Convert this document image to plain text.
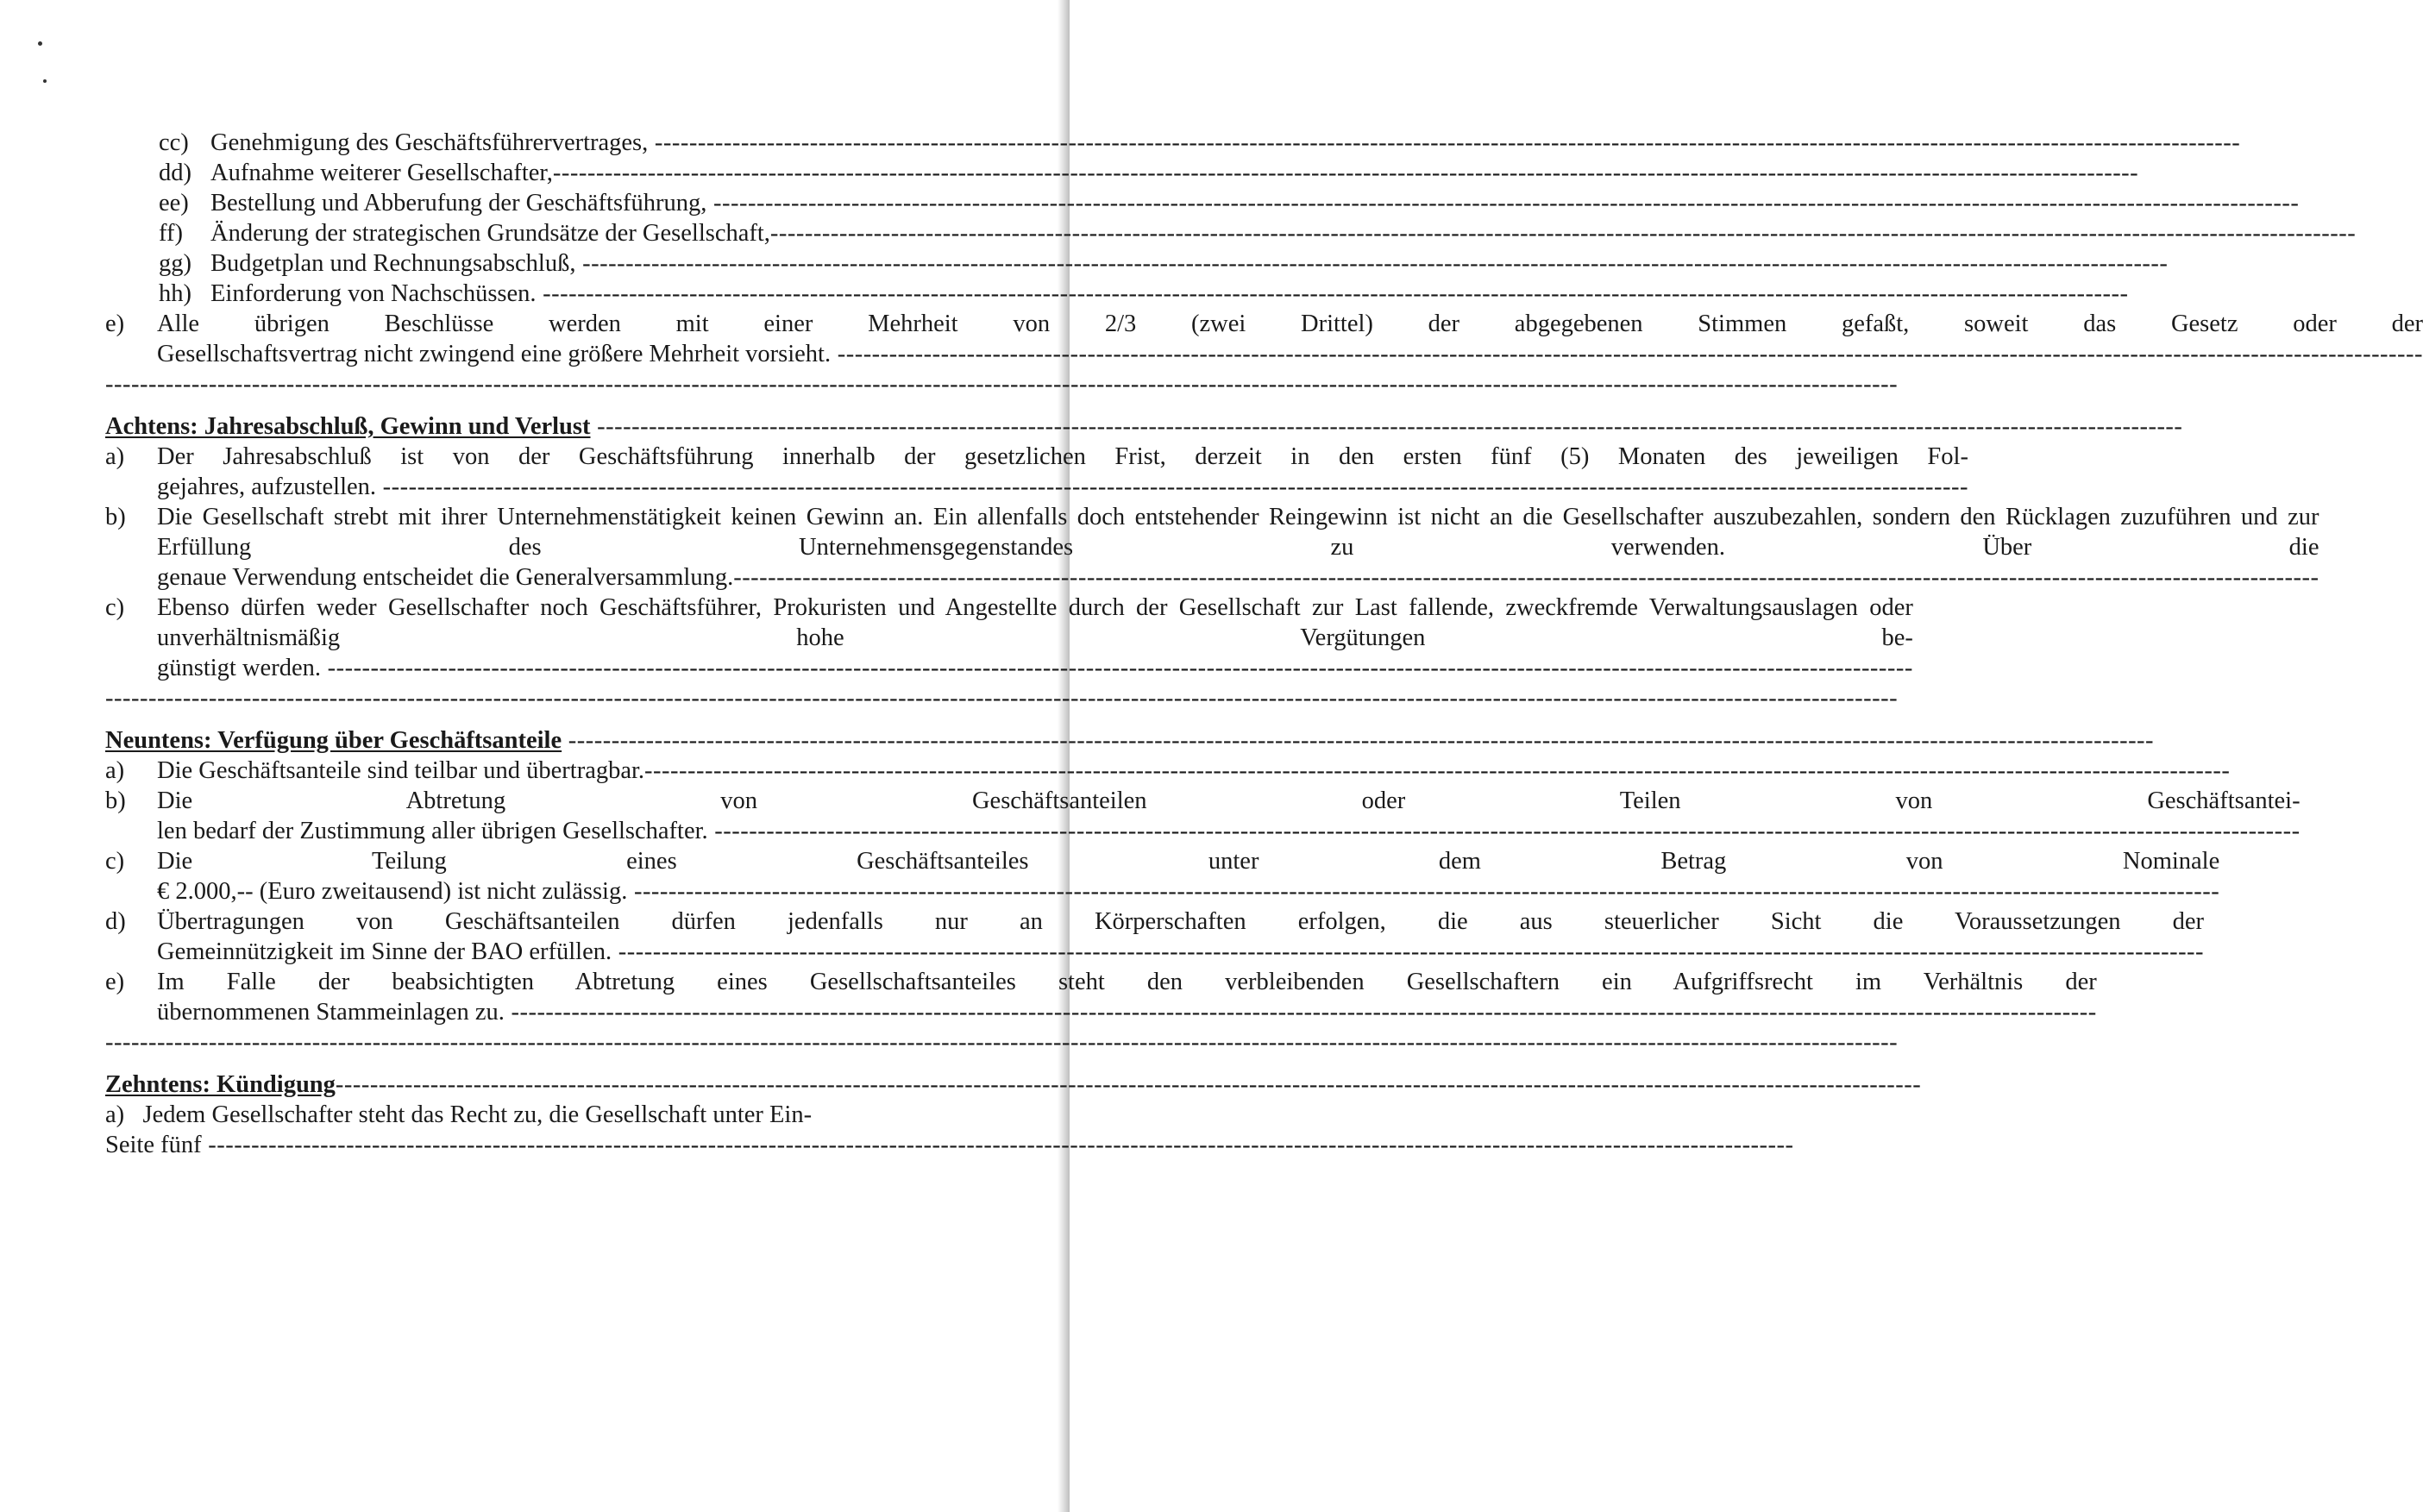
cc) Genehmigung des Geschäftsführervertrages,
-----
dd) Aufnahme weiterer Gesellschafter,
-----
ee) Bestellung und Abberufung der Geschäftsführung,
-----
ff)	Änderung der strategischen Grundsätze der Gesellschaft,
-----
gg) Budgetplan und Rechnungsabschluß,
-----
hh) Einforderung von Nachschüssen.
-----
e)	Alle übrigen Beschlüsse werden mit einer Mehrheit von 2/3 (zwei Drittel) der abgegebenen Stimmen gefaßt, soweit das Gesetz oder der
Gesellschaftsvertrag nicht zwingend eine größere Mehrheit vorsieht.
-----
-----
Achtens: Jahresabschluß, Gewinn und Verlust
-----
a)	Der Jahresabschluß ist von der Geschäftsführung innerhalb der gesetzlichen Frist, derzeit in den ersten fünf (5) Monaten des jeweiligen Fol-
gejahres, aufzustellen.
-----
b)	Die Gesellschaft strebt mit ihrer Unternehmenstätigkeit keinen Gewinn an. Ein allenfalls doch entstehender Reingewinn ist nicht an die Gesellschafter auszubezahlen, sondern den Rücklagen zuzuführen und zur Erfüllung des Unternehmensgegenstandes zu verwenden. Über die
genaue Verwendung entscheidet die Generalversammlung.
-----
c)	Ebenso dürfen weder Gesellschafter noch Geschäftsführer, Prokuristen und Angestellte durch der Gesellschaft zur Last fallende, zweckfremde Verwaltungsauslagen oder unverhältnismäßig hohe Vergütungen be-
günstigt werden.
-----
-----
Neuntens: Verfügung über Geschäftsanteile
-----
a)	Die Geschäftsanteile sind teilbar und übertragbar.
-----
b)	Die Abtretung von Geschäftsanteilen oder Teilen von Geschäftsantei-
len bedarf der Zustimmung aller übrigen Gesellschafter.
-----
c)	Die Teilung eines Geschäftsanteiles unter dem Betrag von Nominale
€ 2.000,-- (Euro zweitausend) ist nicht zulässig.
-----
d)	Übertragungen von Geschäftsanteilen dürfen jedenfalls nur an Körperschaften erfolgen, die aus steuerlicher Sicht die Voraussetzungen der
Gemeinnützigkeit im Sinne der BAO erfüllen.
-----
e)	Im Falle der beabsichtigten Abtretung eines Gesellschaftsanteiles steht den verbleibenden Gesellschaftern ein Aufgriffsrecht im Verhältnis der
übernommenen Stammeinlagen zu.
-----
-----
Zehntens: Kündigung
-----
a) Jedem Gesellschafter steht das Recht zu, die Gesellschaft unter Ein-
Seite fünf
-----
